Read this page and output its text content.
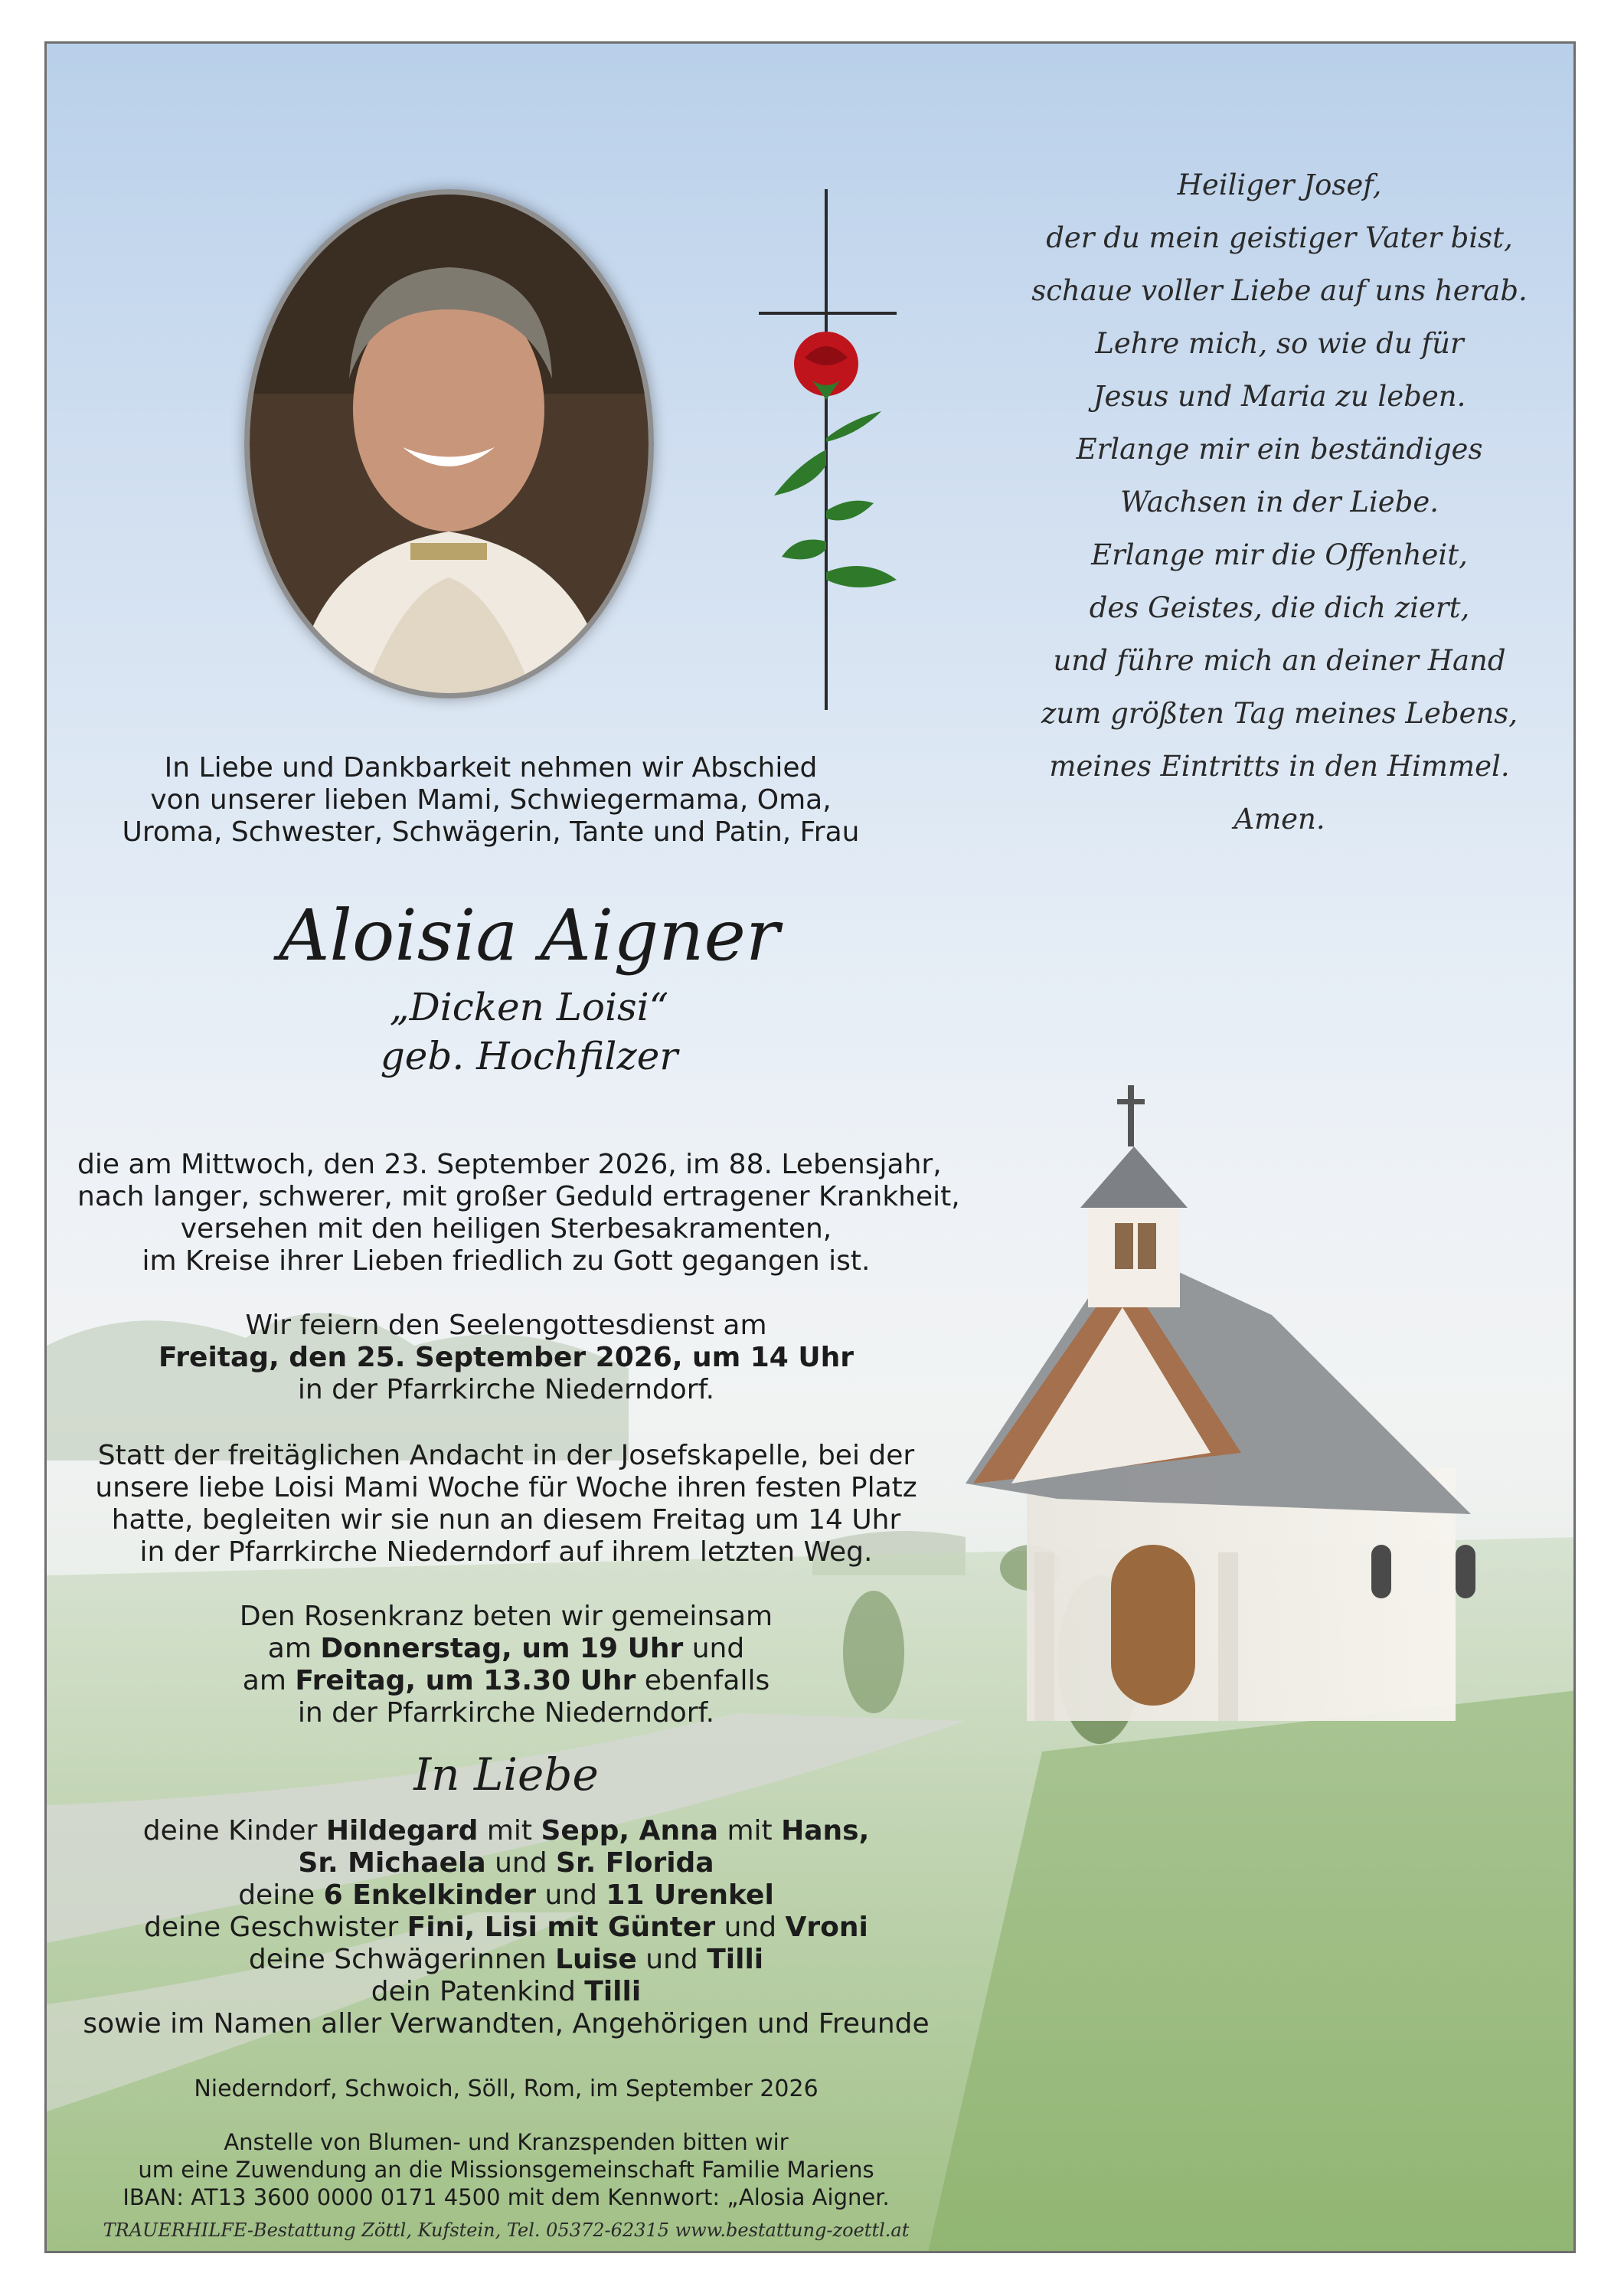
Heiliger Josef,
der du mein geistiger Vater bist,
schaue voller Liebe auf uns herab.
Lehre mich, so wie du für
Jesus und Maria zu leben.
Erlange mir ein beständiges
Wachsen in der Liebe.
Erlange mir die Offenheit,
des Geistes, die dich ziert,
und führe mich an deiner Hand
zum größten Tag meines Lebens,
meines Eintritts in den Himmel.
Amen.
In Liebe und Dankbarkeit nehmen wir Abschied
von unserer lieben Mami, Schwiegermama, Oma,
Uroma, Schwester, Schwägerin, Tante und Patin, Frau
Aloisia Aigner
„Dicken Loisi“
geb. Hochfilzer
die am Mittwoch, den 23. September 2026, im 88. Lebensjahr,
nach langer, schwerer, mit großer Geduld ertragener Krankheit,
versehen mit den heiligen Sterbesakramenten,
im Kreise ihrer Lieben friedlich zu Gott gegangen ist.
Wir feiern den Seelengottesdienst am
Freitag, den 25. September 2026, um 14 Uhr
in der Pfarrkirche Niederndorf.
Statt der freitäglichen Andacht in der Josefskapelle, bei der
unsere liebe Loisi Mami Woche für Woche ihren festen Platz
hatte, begleiten wir sie nun an diesem Freitag um 14 Uhr
in der Pfarrkirche Niederndorf auf ihrem letzten Weg.
Den Rosenkranz beten wir gemeinsam
am Donnerstag, um 19 Uhr und
am Freitag, um 13.30 Uhr ebenfalls
in der Pfarrkirche Niederndorf.
In Liebe
deine Kinder Hildegard mit Sepp, Anna mit Hans,
Sr. Michaela und Sr. Florida
deine 6 Enkelkinder und 11 Urenkel
deine Geschwister Fini, Lisi mit Günter und Vroni
deine Schwägerinnen Luise und Tilli
dein Patenkind Tilli
sowie im Namen aller Verwandten, Angehörigen und Freunde
Niederndorf, Schwoich, Söll, Rom, im September 2026
Anstelle von Blumen- und Kranzspenden bitten wir
um eine Zuwendung an die Missionsgemeinschaft Familie Mariens
IBAN: AT13 3600 0000 0171 4500 mit dem Kennwort: „Alosia Aigner.
TRAUERHILFE-Bestattung Zöttl, Kufstein, Tel. 05372-62315 www.bestattung-zoettl.at
